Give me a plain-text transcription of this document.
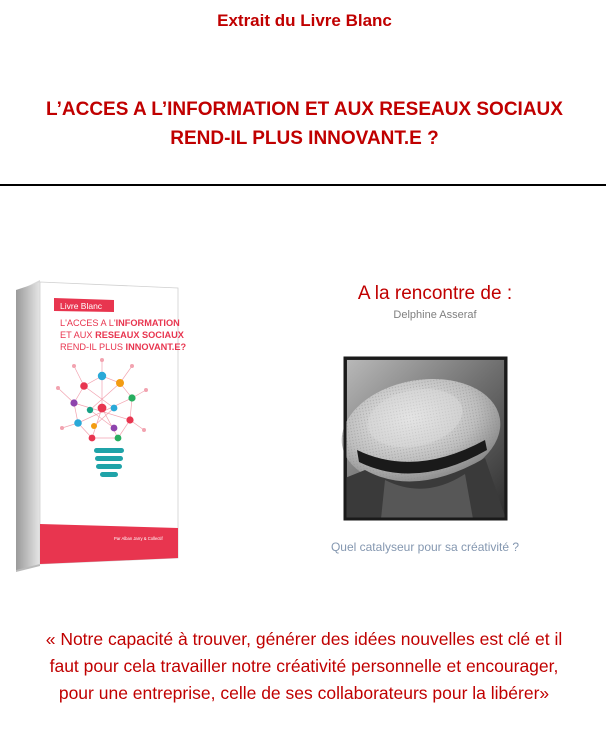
Extrait du Livre Blanc
L’ACCES A L’INFORMATION ET AUX RESEAUX SOCIAUX
REND-IL PLUS INNOVANT.E ?
Livre Blanc
L'ACCES A L'INFORMATION
ET AUX RESEAUX SOCIAUX
REND-IL PLUS INNOVANT.E?
Par Alban Jarry & Collectif
A la rencontre de :
Delphine Asseraf
Quel catalyseur pour sa créativité ?
« Notre capacité à trouver, générer des idées nouvelles est clé et il
faut pour cela travailler notre créativité personnelle et encourager,
pour une entreprise, celle de ses collaborateurs pour la libérer»
